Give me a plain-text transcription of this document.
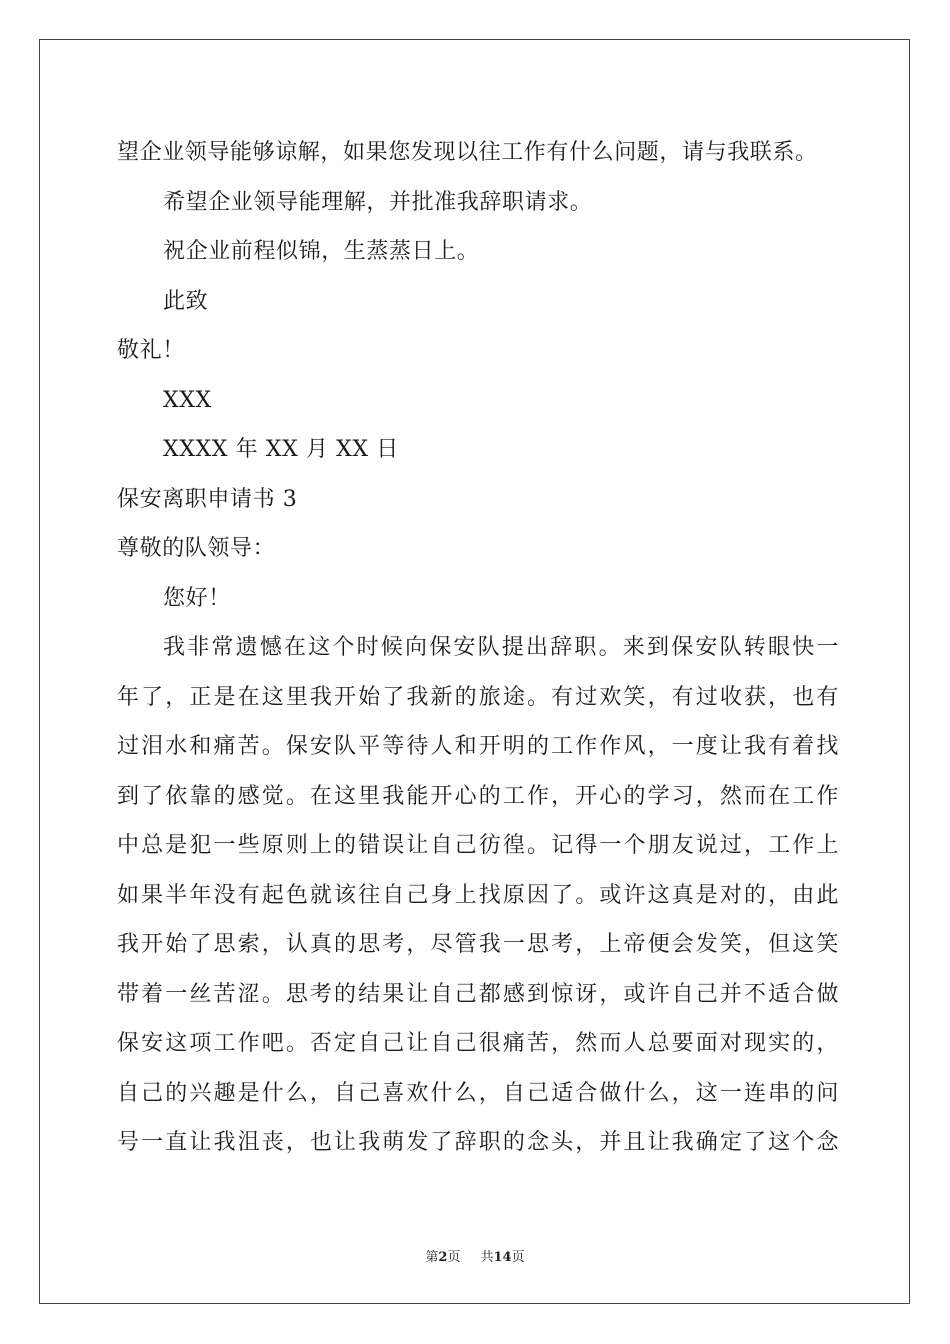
望企业领导能够谅解，如果您发现以往工作有什么问题，请与我联系。
希望企业领导能理解，并批准我辞职请求。
祝企业前程似锦，生蒸蒸日上。
此致
敬礼！
XXX
XXXX 年 XX 月 XX 日
保安离职申请书 3
尊敬的队领导：
您好！
我非常遗憾在这个时候向保安队提出辞职。来到保安队转眼快一
年了，正是在这里我开始了我新的旅途。有过欢笑，有过收获，也有
过泪水和痛苦。保安队平等待人和开明的工作作风，一度让我有着找
到了依靠的感觉。在这里我能开心的工作，开心的学习，然而在工作
中总是犯一些原则上的错误让自己彷徨。记得一个朋友说过，工作上
如果半年没有起色就该往自己身上找原因了。或许这真是对的，由此
我开始了思索，认真的思考，尽管我一思考，上帝便会发笑，但这笑
带着一丝苦涩。思考的结果让自己都感到惊讶，或许自己并不适合做
保安这项工作吧。否定自己让自己很痛苦，然而人总要面对现实的，
自己的兴趣是什么，自己喜欢什么，自己适合做什么，这一连串的问
号一直让我沮丧，也让我萌发了辞职的念头，并且让我确定了这个念
第2页 共14页
